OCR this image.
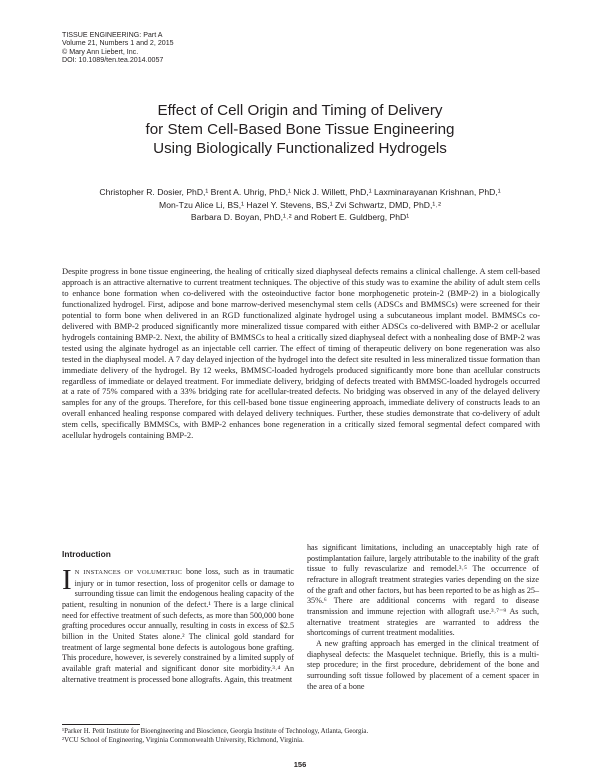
TISSUE ENGINEERING: Part A
Volume 21, Numbers 1 and 2, 2015
© Mary Ann Liebert, Inc.
DOI: 10.1089/ten.tea.2014.0057
Effect of Cell Origin and Timing of Delivery
for Stem Cell-Based Bone Tissue Engineering
Using Biologically Functionalized Hydrogels
Christopher R. Dosier, PhD,¹ Brent A. Uhrig, PhD,¹ Nick J. Willett, PhD,¹ Laxminarayanan Krishnan, PhD,¹
Mon-Tzu Alice Li, BS,¹ Hazel Y. Stevens, BS,¹ Zvi Schwartz, DMD, PhD,¹˒²
Barbara D. Boyan, PhD,¹˒² and Robert E. Guldberg, PhD¹
Despite progress in bone tissue engineering, the healing of critically sized diaphyseal defects remains a clinical challenge. A stem cell-based approach is an attractive alternative to current treatment techniques. The objective of this study was to examine the ability of adult stem cells to enhance bone formation when co-delivered with the osteoinductive factor bone morphogenetic protein-2 (BMP-2) in a biologically functionalized hydrogel. First, adipose and bone marrow-derived mesenchymal stem cells (ADSCs and BMMSCs) were screened for their potential to form bone when delivered in an RGD functionalized alginate hydrogel using a subcutaneous implant model. BMMSCs co-delivered with BMP-2 produced significantly more mineralized tissue compared with either ADSCs co-delivered with BMP-2 or acellular hydrogels containing BMP-2. Next, the ability of BMMSCs to heal a critically sized diaphyseal defect with a nonhealing dose of BMP-2 was tested using the alginate hydrogel as an injectable cell carrier. The effect of timing of therapeutic delivery on bone regeneration was also tested in the diaphyseal model. A 7 day delayed injection of the hydrogel into the defect site resulted in less mineralized tissue formation than immediate delivery of the hydrogel. By 12 weeks, BMMSC-loaded hydrogels produced significantly more bone than acellular constructs regardless of immediate or delayed treatment. For immediate delivery, bridging of defects treated with BMMSC-loaded hydrogels occurred at a rate of 75% compared with a 33% bridging rate for acellular-treated defects. No bridging was observed in any of the delayed delivery samples for any of the groups. Therefore, for this cell-based bone tissue engineering approach, immediate delivery of constructs leads to an overall enhanced healing response compared with delayed delivery techniques. Further, these studies demonstrate that co-delivery of adult stem cells, specifically BMMSCs, with BMP-2 enhances bone regeneration in a critically sized femoral segmental defect compared with acellular hydrogels containing BMP-2.
Introduction
I N INSTANCES OF VOLUMETRIC bone loss, such as in traumatic injury or in tumor resection, loss of progenitor cells or damage to surrounding tissue can limit the endogenous healing capacity of the patient, resulting in nonunion of the defect.¹ There is a large clinical need for effective treatment of such defects, as more than 500,000 bone grafting procedures occur annually, resulting in costs in excess of $2.5 billion in the United States alone.² The clinical gold standard for treatment of large segmental bone defects is autologous bone grafting. This procedure, however, is severely constrained by a limited supply of available graft material and significant donor site morbidity.³˒⁴ An alternative treatment is processed bone allografts. Again, this treatment
has significant limitations, including an unacceptably high rate of postimplantation failure, largely attributable to the inability of the graft tissue to fully revascularize and remodel.³˒⁵ The occurrence of refracture in allograft treatment strategies varies depending on the size of the graft and other factors, but has been reported to be as high as 25–35%.⁶ There are additional concerns with regard to disease transmission and immune rejection with allograft use.³˒⁷⁻⁹ As such, alternative treatment strategies are warranted to address the shortcomings of current treatment modalities.
A new grafting approach has emerged in the clinical treatment of diaphyseal defects: the Masquelet technique. Briefly, this is a multi-step procedure; in the first procedure, debridement of the bone and surrounding soft tissue followed by placement of a cement spacer in the area of a bone
¹Parker H. Petit Institute for Bioengineering and Bioscience, Georgia Institute of Technology, Atlanta, Georgia.
²VCU School of Engineering, Virginia Commonwealth University, Richmond, Virginia.
156
